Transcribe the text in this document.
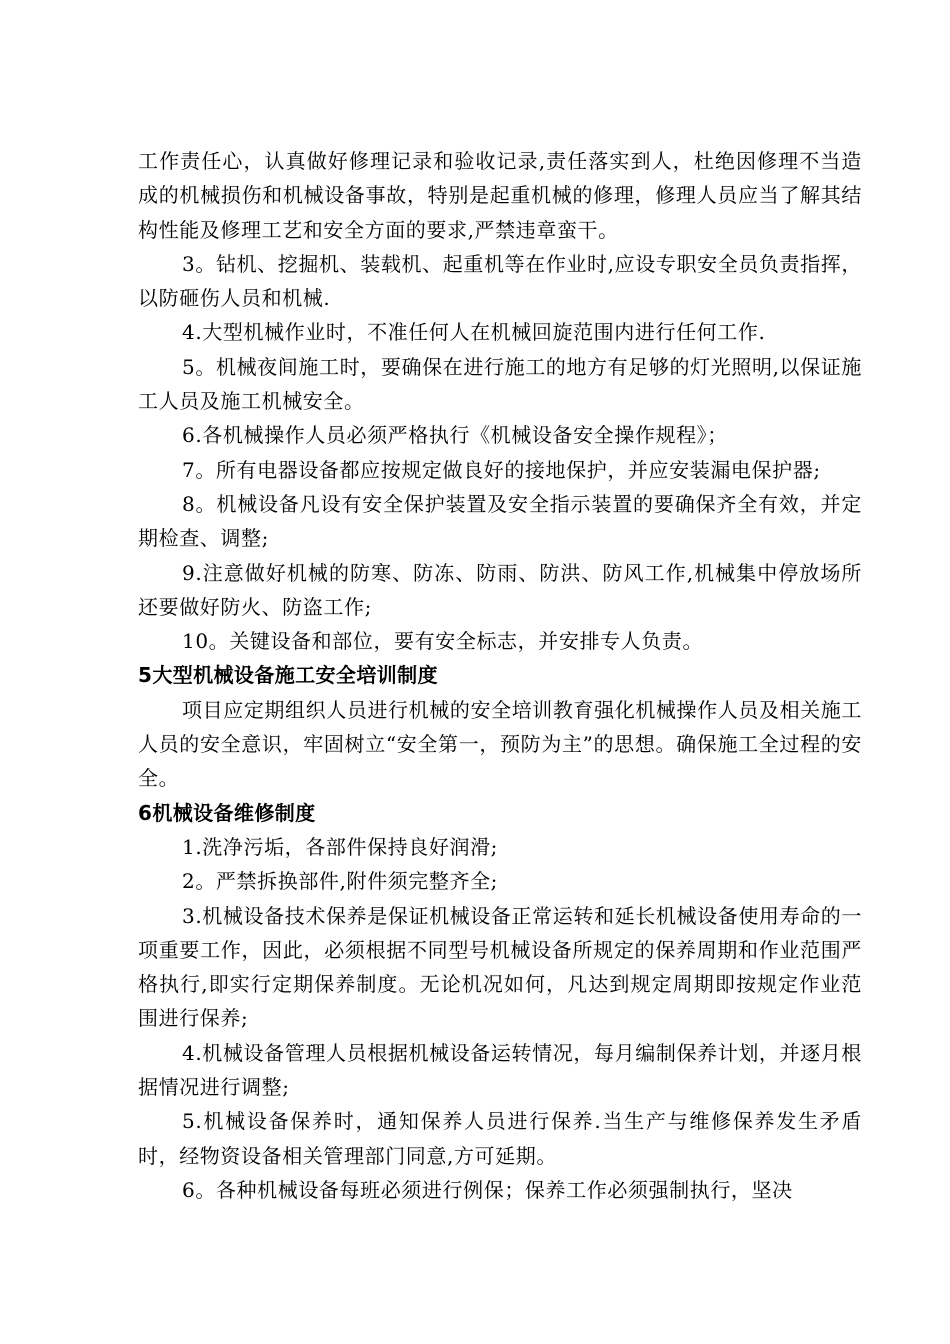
工作责任心，认真做好修理记录和验收记录,责任落实到人，杜绝因修理不当造成的机械损伤和机械设备事故，特别是起重机械的修理，修理人员应当了解其结构性能及修理工艺和安全方面的要求,严禁违章蛮干。

3。钻机、挖掘机、装载机、起重机等在作业时,应设专职安全员负责指挥，以防砸伤人员和机械.

4.大型机械作业时，不准任何人在机械回旋范围内进行任何工作.

5。机械夜间施工时，要确保在进行施工的地方有足够的灯光照明,以保证施工人员及施工机械安全。

6.各机械操作人员必须严格执行《机械设备安全操作规程》；

7。所有电器设备都应按规定做良好的接地保护，并应安装漏电保护器;

8。机械设备凡设有安全保护装置及安全指示装置的要确保齐全有效，并定期检查、调整;

9.注意做好机械的防寒、防冻、防雨、防洪、防风工作,机械集中停放场所还要做好防火、防盗工作;

10。关键设备和部位，要有安全标志，并安排专人负责。

5大型机械设备施工安全培训制度

项目应定期组织人员进行机械的安全培训教育强化机械操作人员及相关施工人员的安全意识，牢固树立“安全第一，预防为主”的思想。确保施工全过程的安全。

6机械设备维修制度

1.洗净污垢，各部件保持良好润滑;

2。严禁拆换部件,附件须完整齐全;

3.机械设备技术保养是保证机械设备正常运转和延长机械设备使用寿命的一项重要工作，因此，必须根据不同型号机械设备所规定的保养周期和作业范围严格执行,即实行定期保养制度。无论机况如何，凡达到规定周期即按规定作业范围进行保养;

4.机械设备管理人员根据机械设备运转情况，每月编制保养计划，并逐月根据情况进行调整;

5.机械设备保养时，通知保养人员进行保养.当生产与维修保养发生矛盾时，经物资设备相关管理部门同意,方可延期。

6。各种机械设备每班必须进行例保；保养工作必须强制执行，坚决
